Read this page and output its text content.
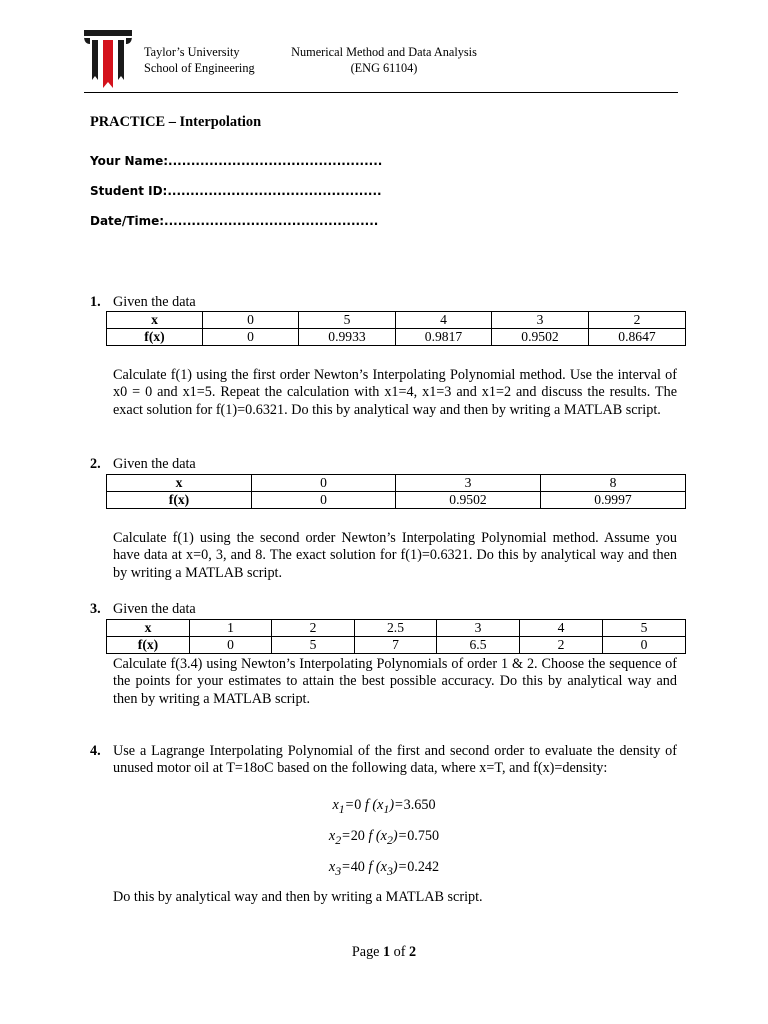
Taylor’s University
School of Engineering
Numerical Method and Data Analysis
(ENG 61104)
PRACTICE – Interpolation
Your Name:...............................................
Student ID:...............................................
Date/Time:...............................................
1. Given the data
x	0	5	4	3	2
f(x)	0	0.9933	0.9817	0.9502	0.8647
Calculate f(1) using the first order Newton’s Interpolating Polynomial method. Use the interval of x0 = 0 and x1=5. Repeat the calculation with x1=4, x1=3 and x1=2 and discuss the results. The exact solution for f(1)=0.6321. Do this by analytical way and then by writing a MATLAB script.
2. Given the data
x	0	3	8
f(x)	0	0.9502	0.9997
Calculate f(1) using the second order Newton’s Interpolating Polynomial method. Assume you have data at x=0, 3, and 8. The exact solution for f(1)=0.6321. Do this by analytical way and then by writing a MATLAB script.
3. Given the data
x	1	2	2.5	3	4	5
f(x)	0	5	7	6.5	2	0
Calculate f(3.4) using Newton’s Interpolating Polynomials of order 1 & 2. Choose the sequence of the points for your estimates to attain the best possible accuracy. Do this by analytical way and then by writing a MATLAB script.
4. Use a Lagrange Interpolating Polynomial of the first and second order to evaluate the density of unused motor oil at T=18oC based on the following data, where x=T, and f(x)=density:
$x_1=0$ f $(x_1)=3.650$
$x_2=20$ f $(x_2)=0.750$
$x_3=40$ f $(x_3)=0.242$
Do this by analytical way and then by writing a MATLAB script.
Page 1 of 2
